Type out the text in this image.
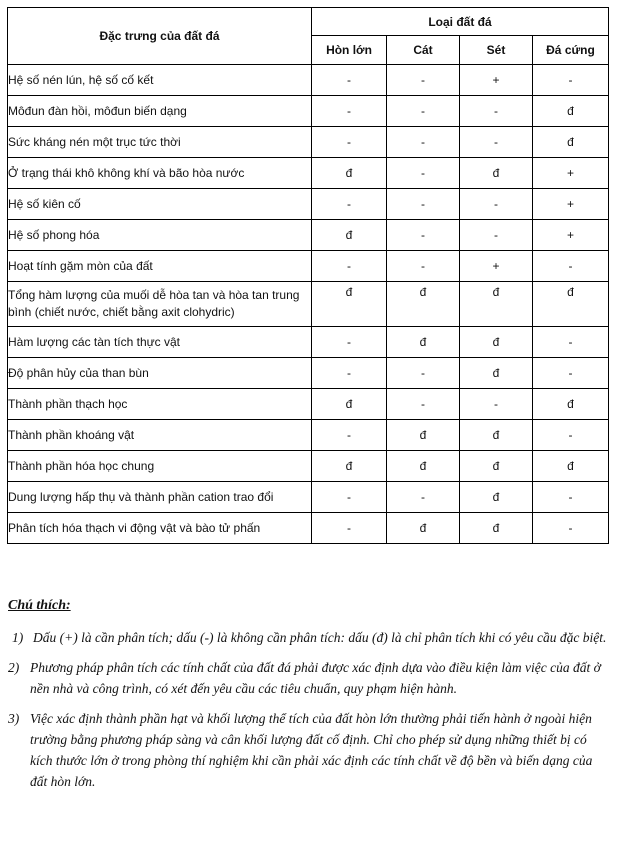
Đặc trưng của đất đá	Loại đất đá			
	Hòn lớn	Cát	Sét	Đá cứng
Hệ số nén lún, hệ số cố kết	-	-	+	-
Môđun đàn hồi, môđun biến dạng	-	-	-	đ
Sức kháng nén một trục tức thời	-	-	-	đ
Ở trạng thái khô không khí và bão hòa nước	đ	-	đ	+
Hệ số kiên cố	-	-	-	+
Hệ số phong hóa	đ	-	-	+
Hoạt tính gặm mòn của đất	-	-	+	-
Tổng hàm lượng của muối dễ hòa tan và hòa tan trung bình (chiết nước, chiết bằng axit clohydric)	đ	đ	đ	đ
Hàm lượng các tàn tích thực vật	-	đ	đ	-
Độ phân hủy của than bùn	-	-	đ	-
Thành phần thạch học	đ	-	-	đ
Thành phần khoáng vật	-	đ	đ	-
Thành phần hóa học chung	đ	đ	đ	đ
Dung lượng hấp thụ và thành phần cation trao đổi	-	-	đ	-
Phân tích hóa thạch vi động vật và bào tử phấn	-	đ	đ	-
Chú thích:
1) Dấu (+) là cần phân tích; dấu (-) là không cần phân tích: dấu (đ) là chỉ phân tích khi có yêu cầu đặc biệt.
2) Phương pháp phân tích các tính chất của đất đá phải được xác định dựa vào điều kiện làm việc của đất ở nền nhà và công trình, có xét đến yêu cầu các tiêu chuẩn, quy phạm hiện hành.
3) Việc xác định thành phần hạt và khối lượng thể tích của đất hòn lớn thường phải tiến hành ở ngoài hiện trường bằng phương pháp sàng và cân khối lượng đất cố định. Chỉ cho phép sử dụng những thiết bị có kích thước lớn ở trong phòng thí nghiệm khi cần phải xác định các tính chất về độ bền và biến dạng của đất hòn lớn.
